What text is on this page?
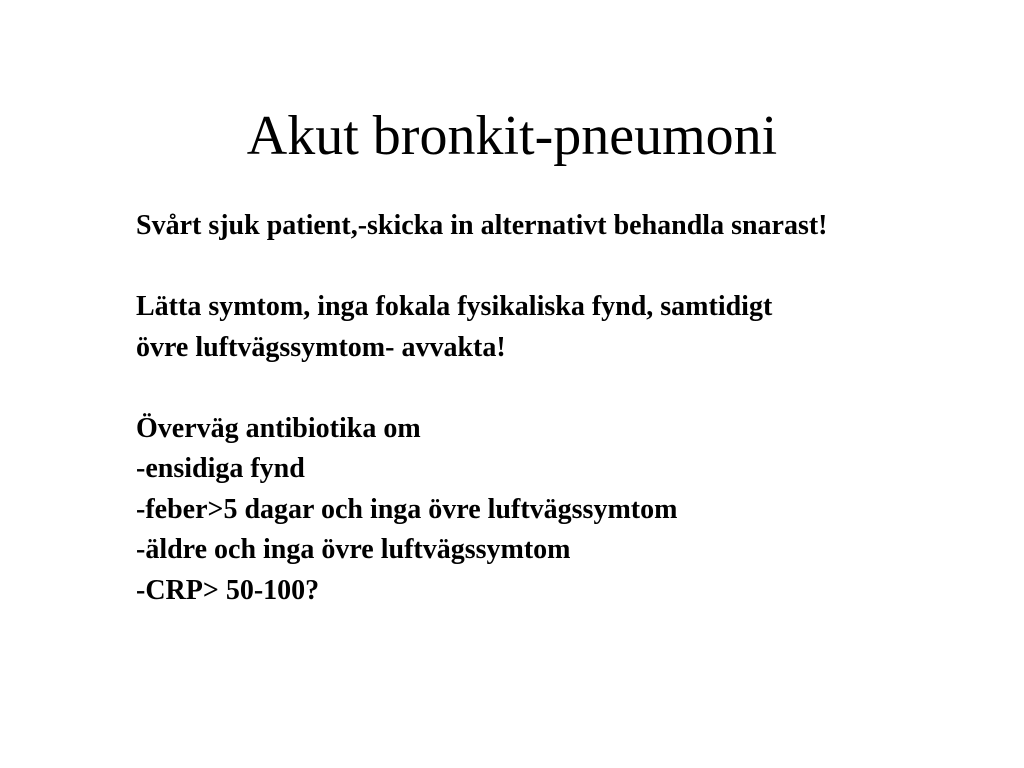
Akut bronkit-pneumoni
Svårt sjuk patient,-skicka in alternativt behandla snarast!
Lätta symtom, inga fokala fysikaliska fynd, samtidigt
övre luftvägssymtom- avvakta!
Överväg antibiotika om
-ensidiga fynd
-feber>5 dagar och inga övre luftvägssymtom
-äldre och inga övre luftvägssymtom
-CRP> 50-100?
